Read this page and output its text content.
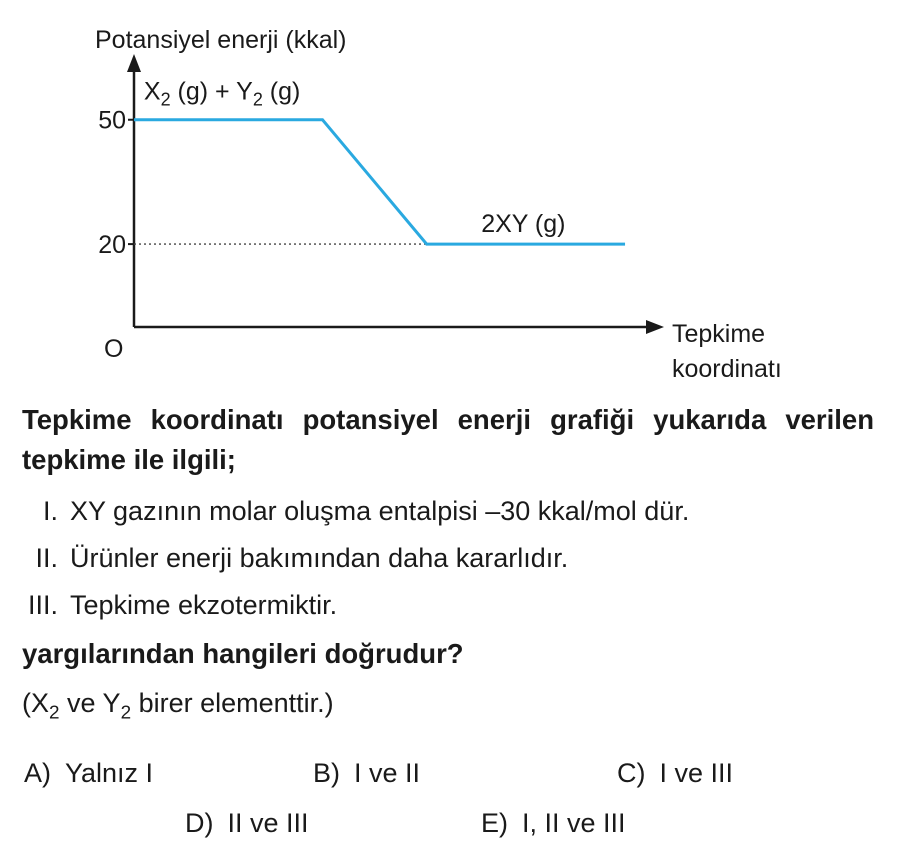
Potansiyel enerji (kkal)
O
50
20
X2 (g) + Y2 (g)
2XY (g)
Tepkime koordinatı
Tepkime koordinatı potansiyel enerji grafiği yukarıda verilen tepkime ile ilgili;
I. XY gazının molar oluşma entalpisi –30 kkal/mol dür.
II. Ürünler enerji bakımından daha kararlıdır.
III. Tepkime ekzotermiktir.
yargılarından hangileri doğrudur?
($X_2$ ve $Y_2$ birer elementtir.)
A) Yalnız I	B) I ve II	C) I ve III
D) II ve III	E) I, II ve III
